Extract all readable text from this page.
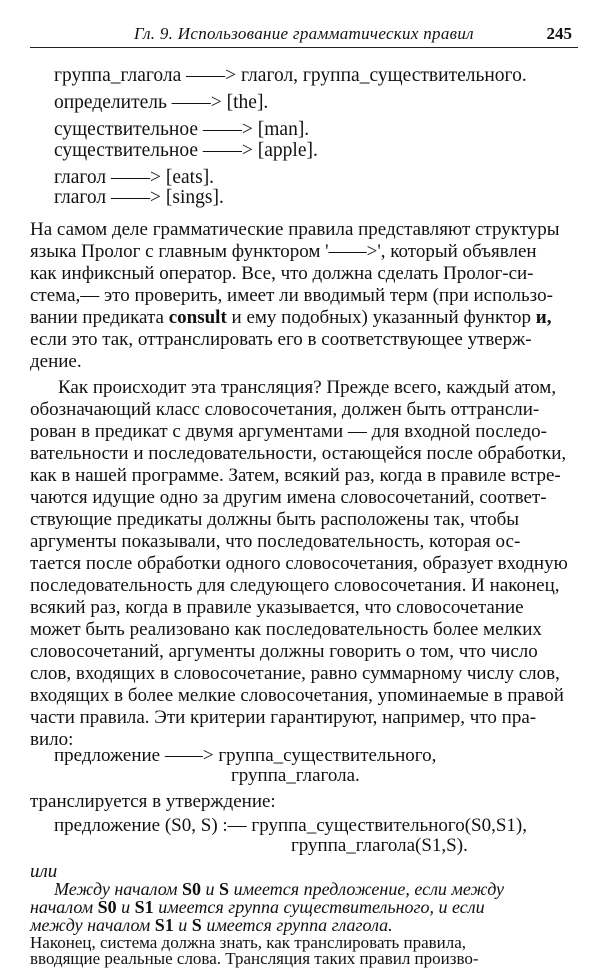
Гл. 9. Использование грамматических правил	245
группа_глагола ——> глагол, группа_существительного.
определитель ——> [the].
существительное ——> [man].
существительное ——> [apple].
глагол ——> [eats].
глагол ——> [sings].
На самом деле грамматические правила представляют структуры
языка Пролог с главным функтором '——>', который объявлен
как инфиксный оператор. Все, что должна сделать Пролог-си-
стема,— это проверить, имеет ли вводимый терм (при использо-
вании предиката consult и ему подобных) указанный функтор и,
если это так, оттранслировать его в соответствующее утверж-
дение.
Как происходит эта трансляция? Прежде всего, каждый атом,
обозначающий класс словосочетания, должен быть оттрансли-
рован в предикат с двумя аргументами — для входной последо-
вательности и последовательности, остающейся после обработки,
как в нашей программе. Затем, всякий раз, когда в правиле встре-
чаются идущие одно за другим имена словосочетаний, соответ-
ствующие предикаты должны быть расположены так, чтобы
аргументы показывали, что последовательность, которая ос-
тается после обработки одного словосочетания, образует входную
последовательность для следующего словосочетания. И наконец,
всякий раз, когда в правиле указывается, что словосочетание
может быть реализовано как последовательность более мелких
словосочетаний, аргументы должны говорить о том, что число
слов, входящих в словосочетание, равно суммарному числу слов,
входящих в более мелкие словосочетания, упоминаемые в правой
части правила. Эти критерии гарантируют, например, что пра-
вило:
предложение ——> группа_существительного,
группа_глагола.
транслируется в утверждение:
предложение (S0, S) :— группа_существительного(S0,S1),
группа_глагола(S1,S).
или
Между началом S0 и S имеется предложение, если между
началом S0 и S1 имеется группа существительного, и если
между началом S1 и S имеется группа глагола.
Наконец, система должна знать, как транслировать правила,
вводящие реальные слова. Трансляция таких правил произво-
